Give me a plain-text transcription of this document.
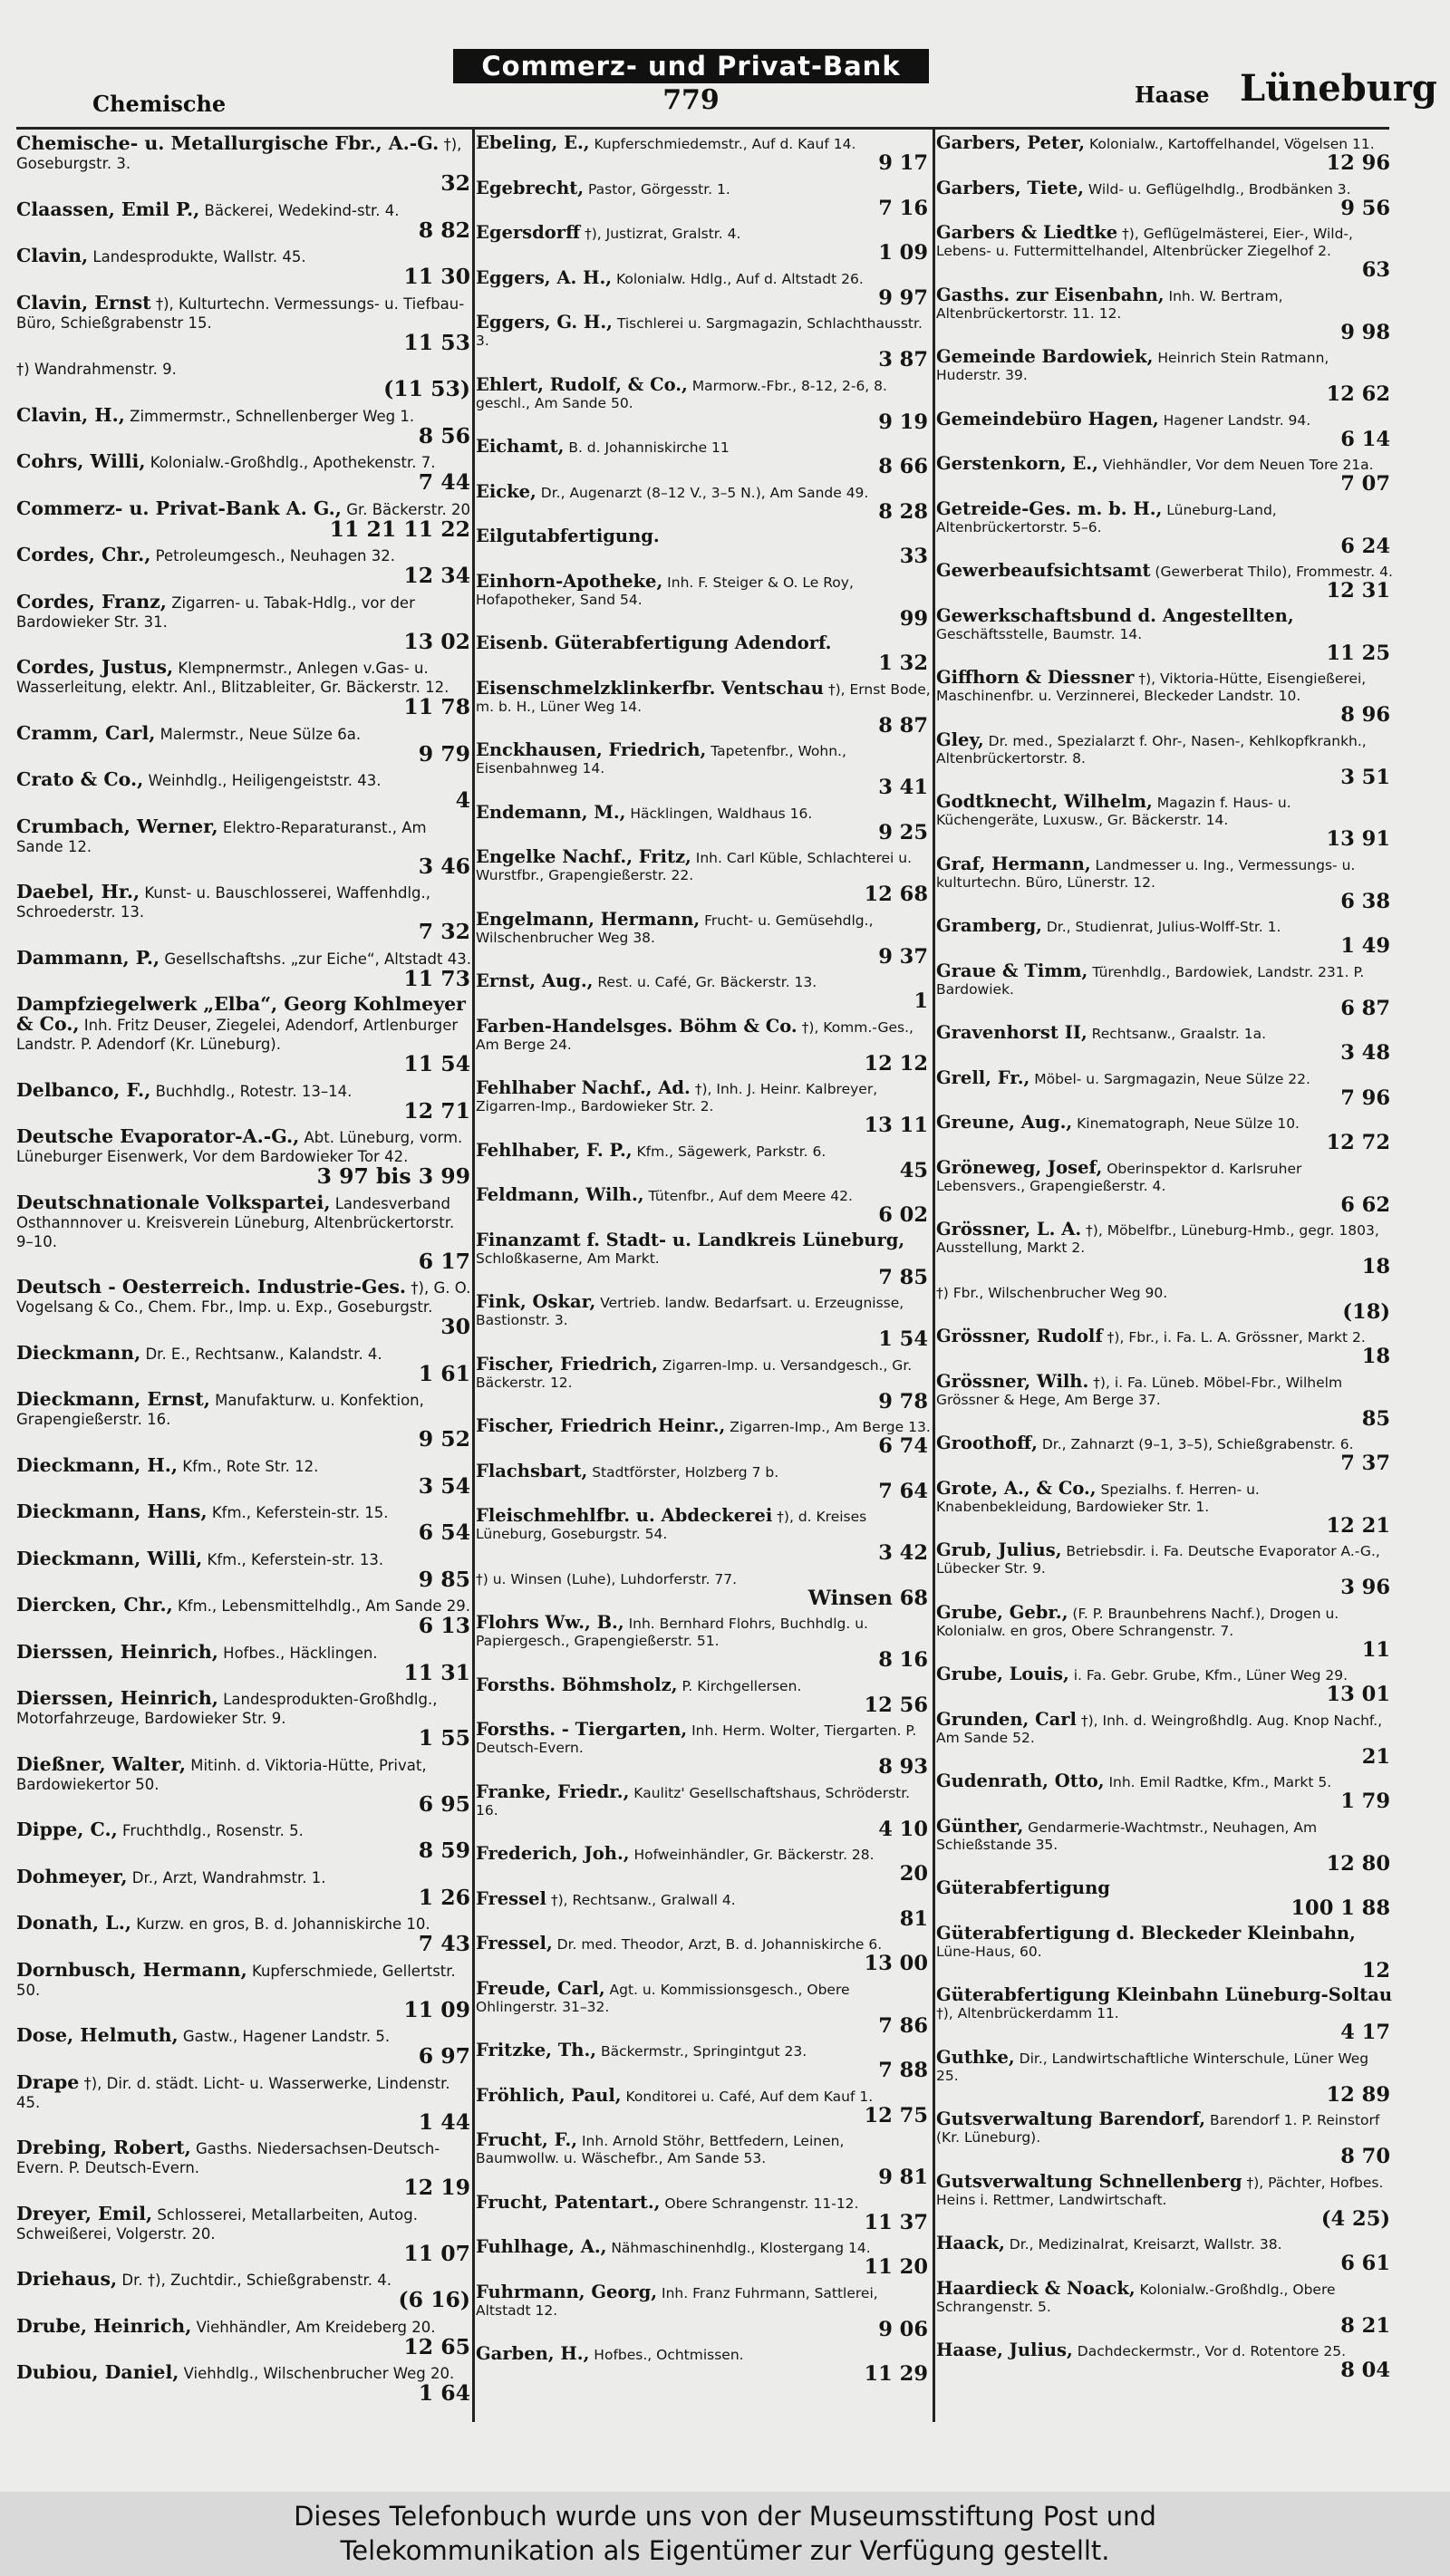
Chemische
Commerz- und Privat-Bank
779	Haase Lüneburg
Chemische- u. Metallurgische Fbr., A.-G. †), Goseburgstr. 3.
32
Claassen, Emil P., Bäckerei, Wedekind-str. 4.
8 82
Clavin, Landesprodukte, Wallstr. 45.
11 30
Clavin, Ernst †), Kulturtechn. Vermessungs- u. Tiefbau-Büro, Schießgrabenstr 15.
11 53
†) Wandrahmenstr. 9.
(11 53)
Clavin, H., Zimmermstr., Schnellenberger Weg 1.
8 56
Cohrs, Willi, Kolonialw.-Großhdlg., Apothekenstr. 7.
7 44
Commerz- u. Privat-Bank A. G., Gr. Bäckerstr. 20
11 21 11 22
Cordes, Chr., Petroleumgesch., Neuhagen 32.
12 34
Cordes, Franz, Zigarren- u. Tabak-Hdlg., vor der Bardowieker Str. 31.
13 02
Cordes, Justus, Klempnermstr., Anlegen v.Gas- u. Wasserleitung, elektr. Anl., Blitzableiter, Gr. Bäckerstr. 12.
11 78
Cramm, Carl, Malermstr., Neue Sülze 6a.
9 79
Crato & Co., Weinhdlg., Heiligengeiststr. 43.
4
Crumbach, Werner, Elektro-Reparaturanst., Am Sande 12.
3 46
Daebel, Hr., Kunst- u. Bauschlosserei, Waffenhdlg., Schroederstr. 13.
7 32
Dammann, P., Gesellschaftshs. „zur Eiche“, Altstadt 43.
11 73
Dampfziegelwerk „Elba“, Georg Kohlmeyer & Co., Inh. Fritz Deuser, Ziegelei, Adendorf, Artlenburger Landstr. P. Adendorf (Kr. Lüneburg).
11 54
Delbanco, F., Buchhdlg., Rotestr. 13–14.
12 71
Deutsche Evaporator-A.-G., Abt. Lüneburg, vorm. Lüneburger Eisenwerk, Vor dem Bardowieker Tor 42.
3 97 bis 3 99
Deutschnationale Volkspartei, Landesverband Osthannnover u. Kreisverein Lüneburg, Altenbrückertorstr. 9–10.
6 17
Deutsch - Oesterreich. Industrie-Ges. †), G. O. Vogelsang & Co., Chem. Fbr., Imp. u. Exp., Goseburgstr.
30
Dieckmann, Dr. E., Rechtsanw., Kalandstr. 4.
1 61
Dieckmann, Ernst, Manufakturw. u. Konfektion, Grapengießerstr. 16.
9 52
Dieckmann, H., Kfm., Rote Str. 12.
3 54
Dieckmann, Hans, Kfm., Keferstein-str. 15.
6 54
Dieckmann, Willi, Kfm., Keferstein-str. 13.
9 85
Diercken, Chr., Kfm., Lebensmittelhdlg., Am Sande 29.
6 13
Dierssen, Heinrich, Hofbes., Häcklingen.
11 31
Dierssen, Heinrich, Landesprodukten-Großhdlg., Motorfahrzeuge, Bardowieker Str. 9.
1 55
Dießner, Walter, Mitinh. d. Viktoria-Hütte, Privat, Bardowiekertor 50.
6 95
Dippe, C., Fruchthdlg., Rosenstr. 5.
8 59
Dohmeyer, Dr., Arzt, Wandrahmstr. 1.
1 26
Donath, L., Kurzw. en gros, B. d. Johanniskirche 10.
7 43
Dornbusch, Hermann, Kupferschmiede, Gellertstr. 50.
11 09
Dose, Helmuth, Gastw., Hagener Landstr. 5.
6 97
Drape †), Dir. d. städt. Licht- u. Wasserwerke, Lindenstr. 45.
1 44
Drebing, Robert, Gasths. Niedersachsen-Deutsch-Evern. P. Deutsch-Evern.
12 19
Dreyer, Emil, Schlosserei, Metallarbeiten, Autog. Schweißerei, Volgerstr. 20.
11 07
Driehaus, Dr. †), Zuchtdir., Schießgrabenstr. 4.
(6 16)
Drube, Heinrich, Viehhändler, Am Kreideberg 20.
12 65
Dubiou, Daniel, Viehhdlg., Wilschenbrucher Weg 20.
1 64
Ebeling, E., Kupferschmiedemstr., Auf d. Kauf 14.
9 17
Egebrecht, Pastor, Görgesstr. 1.
7 16
Egersdorff †), Justizrat, Gralstr. 4.
1 09
Eggers, A. H., Kolonialw. Hdlg., Auf d. Altstadt 26.
9 97
Eggers, G. H., Tischlerei u. Sargmagazin, Schlachthausstr. 3.
3 87
Ehlert, Rudolf, & Co., Marmorw.-Fbr., 8-12, 2-6, 8. geschl., Am Sande 50.
9 19
Eichamt, B. d. Johanniskirche 11
8 66
Eicke, Dr., Augenarzt (8–12 V., 3–5 N.), Am Sande 49.
8 28
Eilgutabfertigung.
33
Einhorn-Apotheke, Inh. F. Steiger & O. Le Roy, Hofapotheker, Sand 54.
99
Eisenb. Güterabfertigung Adendorf.
1 32
Eisenschmelzklinkerfbr. Ventschau †), Ernst Bode, m. b. H., Lüner Weg 14.
8 87
Enckhausen, Friedrich, Tapetenfbr., Wohn., Eisenbahnweg 14.
3 41
Endemann, M., Häcklingen, Waldhaus 16.
9 25
Engelke Nachf., Fritz, Inh. Carl Küble, Schlachterei u. Wurstfbr., Grapengießerstr. 22.
12 68
Engelmann, Hermann, Frucht- u. Gemüsehdlg., Wilschenbrucher Weg 38.
9 37
Ernst, Aug., Rest. u. Café, Gr. Bäckerstr. 13.
1
Farben-Handelsges. Böhm & Co. †), Komm.-Ges., Am Berge 24.
12 12
Fehlhaber Nachf., Ad. †), Inh. J. Heinr. Kalbreyer, Zigarren-Imp., Bardowieker Str. 2.
13 11
Fehlhaber, F. P., Kfm., Sägewerk, Parkstr. 6.
45
Feldmann, Wilh., Tütenfbr., Auf dem Meere 42.
6 02
Finanzamt f. Stadt- u. Landkreis Lüneburg, Schloßkaserne, Am Markt.
7 85
Fink, Oskar, Vertrieb. landw. Bedarfsart. u. Erzeugnisse, Bastionstr. 3.
1 54
Fischer, Friedrich, Zigarren-Imp. u. Versandgesch., Gr. Bäckerstr. 12.
9 78
Fischer, Friedrich Heinr., Zigarren-Imp., Am Berge 13.
6 74
Flachsbart, Stadtförster, Holzberg 7 b.
7 64
Fleischmehlfbr. u. Abdeckerei †), d. Kreises Lüneburg, Goseburgstr. 54.
3 42
†) u. Winsen (Luhe), Luhdorferstr. 77.
Winsen 68
Flohrs Ww., B., Inh. Bernhard Flohrs, Buchhdlg. u. Papiergesch., Grapengießerstr. 51.
8 16
Forsths. Böhmsholz, P. Kirchgellersen.
12 56
Forsths. - Tiergarten, Inh. Herm. Wolter, Tiergarten. P. Deutsch-Evern.
8 93
Franke, Friedr., Kaulitz' Gesellschaftshaus, Schröderstr. 16.
4 10
Frederich, Joh., Hofweinhändler, Gr. Bäckerstr. 28.
20
Fressel †), Rechtsanw., Gralwall 4.
81
Fressel, Dr. med. Theodor, Arzt, B. d. Johanniskirche 6.
13 00
Freude, Carl, Agt. u. Kommissionsgesch., Obere Ohlingerstr. 31–32.
7 86
Fritzke, Th., Bäckermstr., Springintgut 23.
7 88
Fröhlich, Paul, Konditorei u. Café, Auf dem Kauf 1.
12 75
Frucht, F., Inh. Arnold Stöhr, Bettfedern, Leinen, Baumwollw. u. Wäschefbr., Am Sande 53.
9 81
Frucht, Patentart., Obere Schrangenstr. 11-12.
11 37
Fuhlhage, A., Nähmaschinenhdlg., Klostergang 14.
11 20
Fuhrmann, Georg, Inh. Franz Fuhrmann, Sattlerei, Altstadt 12.
9 06
Garben, H., Hofbes., Ochtmissen.
11 29
Garbers, Peter, Kolonialw., Kartoffelhandel, Vögelsen 11.
12 96
Garbers, Tiete, Wild- u. Geflügelhdlg., Brodbänken 3.
9 56
Garbers & Liedtke †), Geflügelmästerei, Eier-, Wild-, Lebens- u. Futtermittelhandel, Altenbrücker Ziegelhof 2.
63
Gasths. zur Eisenbahn, Inh. W. Bertram, Altenbrückertorstr. 11. 12.
9 98
Gemeinde Bardowiek, Heinrich Stein Ratmann, Huderstr. 39.
12 62
Gemeindebüro Hagen, Hagener Landstr. 94.
6 14
Gerstenkorn, E., Viehhändler, Vor dem Neuen Tore 21a.
7 07
Getreide-Ges. m. b. H., Lüneburg-Land, Altenbrückertorstr. 5–6.
6 24
Gewerbeaufsichtsamt (Gewerberat Thilo), Frommestr. 4.
12 31
Gewerkschaftsbund d. Angestellten, Geschäftsstelle, Baumstr. 14.
11 25
Giffhorn & Diessner †), Viktoria-Hütte, Eisengießerei, Maschinenfbr. u. Verzinnerei, Bleckeder Landstr. 10.
8 96
Gley, Dr. med., Spezialarzt f. Ohr-, Nasen-, Kehlkopfkrankh., Altenbrückertorstr. 8.
3 51
Godtknecht, Wilhelm, Magazin f. Haus- u. Küchengeräte, Luxusw., Gr. Bäckerstr. 14.
13 91
Graf, Hermann, Landmesser u. Ing., Vermessungs- u. kulturtechn. Büro, Lünerstr. 12.
6 38
Gramberg, Dr., Studienrat, Julius-Wolff-Str. 1.
1 49
Graue & Timm, Türenhdlg., Bardowiek, Landstr. 231. P. Bardowiek.
6 87
Gravenhorst II, Rechtsanw., Graalstr. 1a.
3 48
Grell, Fr., Möbel- u. Sargmagazin, Neue Sülze 22.
7 96
Greune, Aug., Kinematograph, Neue Sülze 10.
12 72
Gröneweg, Josef, Oberinspektor d. Karlsruher Lebensvers., Grapengießerstr. 4.
6 62
Grössner, L. A. †), Möbelfbr., Lüneburg-Hmb., gegr. 1803, Ausstellung, Markt 2.
18
†) Fbr., Wilschenbrucher Weg 90.
(18)
Grössner, Rudolf †), Fbr., i. Fa. L. A. Grössner, Markt 2.
18
Grössner, Wilh. †), i. Fa. Lüneb. Möbel-Fbr., Wilhelm Grössner & Hege, Am Berge 37.
85
Groothoff, Dr., Zahnarzt (9–1, 3–5), Schießgrabenstr. 6.
7 37
Grote, A., & Co., Spezialhs. f. Herren- u. Knabenbekleidung, Bardowieker Str. 1.
12 21
Grub, Julius, Betriebsdir. i. Fa. Deutsche Evaporator A.-G., Lübecker Str. 9.
3 96
Grube, Gebr., (F. P. Braunbehrens Nachf.), Drogen u. Kolonialw. en gros, Obere Schrangenstr. 7.
11
Grube, Louis, i. Fa. Gebr. Grube, Kfm., Lüner Weg 29.
13 01
Grunden, Carl †), Inh. d. Weingroßhdlg. Aug. Knop Nachf., Am Sande 52.
21
Gudenrath, Otto, Inh. Emil Radtke, Kfm., Markt 5.
1 79
Günther, Gendarmerie-Wachtmstr., Neuhagen, Am Schießstande 35.
12 80
Güterabfertigung
100 1 88
Güterabfertigung d. Bleckeder Kleinbahn, Lüne-Haus, 60.
12
Güterabfertigung Kleinbahn Lüneburg-Soltau †), Altenbrückerdamm 11.
4 17
Guthke, Dir., Landwirtschaftliche Winterschule, Lüner Weg 25.
12 89
Gutsverwaltung Barendorf, Barendorf 1. P. Reinstorf (Kr. Lüneburg).
8 70
Gutsverwaltung Schnellenberg †), Pächter, Hofbes. Heins i. Rettmer, Landwirtschaft.
(4 25)
Haack, Dr., Medizinalrat, Kreisarzt, Wallstr. 38.
6 61
Haardieck & Noack, Kolonialw.-Großhdlg., Obere Schrangenstr. 5.
8 21
Haase, Julius, Dachdeckermstr., Vor d. Rotentore 25.
8 04
Dieses Telefonbuch wurde uns von der Museumsstiftung Post und
Telekommunikation als Eigentümer zur Verfügung gestellt.
